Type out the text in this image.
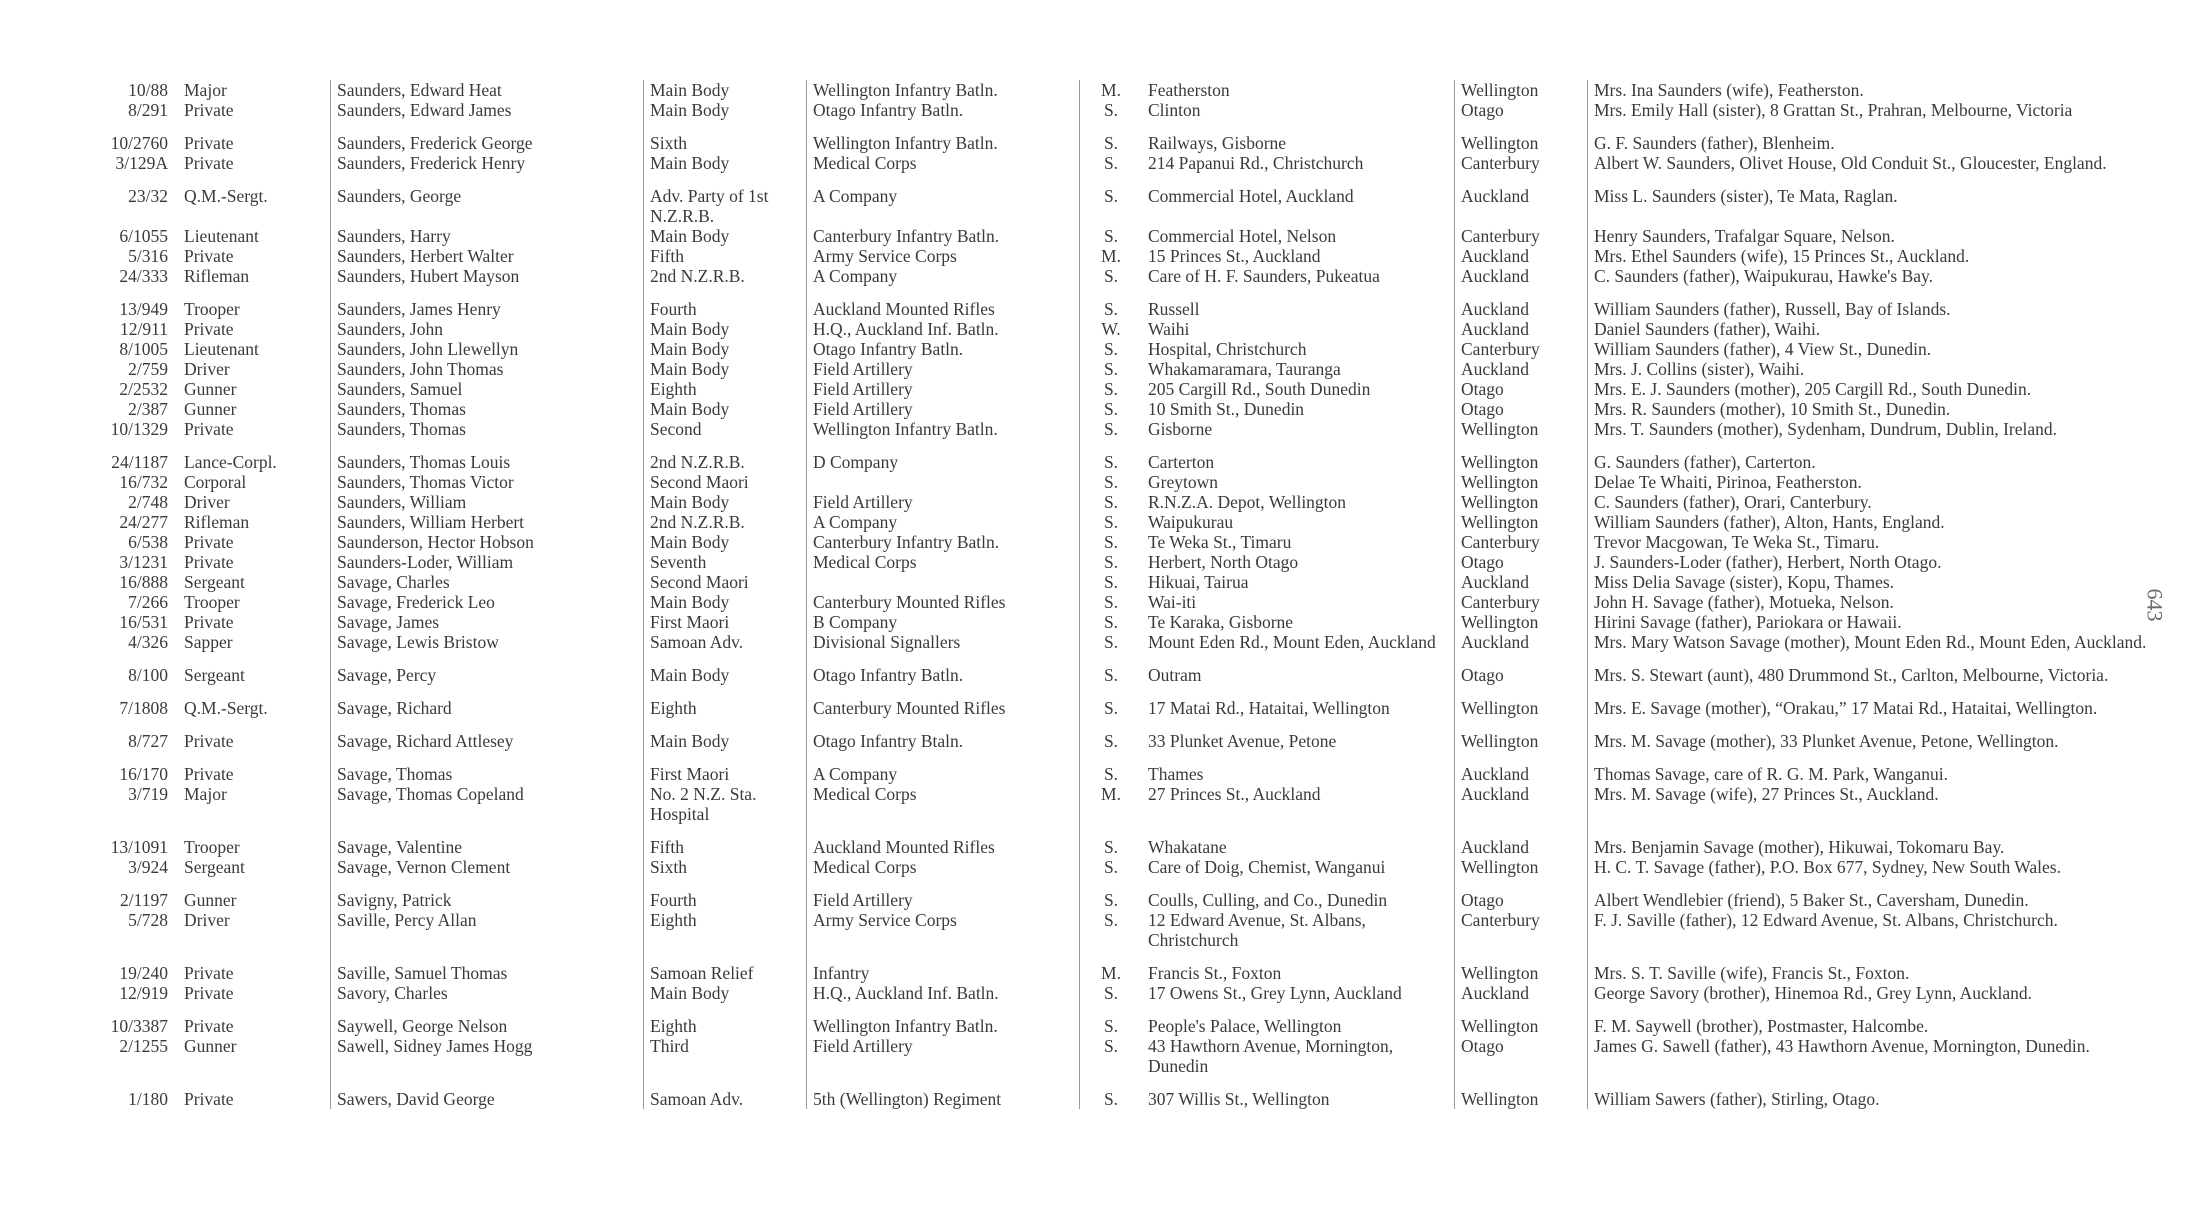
10/88	Major	Saunders, Edward Heat	Main Body	Wellington Infantry Batln.	M.	Featherston	Wellington	Mrs. Ina Saunders (wife), Featherston.
8/291	Private	Saunders, Edward James	Main Body	Otago Infantry Batln.	S.	Clinton	Otago	Mrs. Emily Hall (sister), 8 Grattan St., Prahran, Melbourne, Victoria
10/2760	Private	Saunders, Frederick George	Sixth	Wellington Infantry Batln.	S.	Railways, Gisborne	Wellington	G. F. Saunders (father), Blenheim.
3/129A	Private	Saunders, Frederick Henry	Main Body	Medical Corps	S.	214 Papanui Rd., Christchurch	Canterbury	Albert W. Saunders, Olivet House, Old Conduit St., Gloucester, England.
23/32	Q.M.-Sergt.	Saunders, George	Adv. Party of 1st N.Z.R.B.	A Company	S.	Commercial Hotel, Auckland	Auckland	Miss L. Saunders (sister), Te Mata, Raglan.
6/1055	Lieutenant	Saunders, Harry	Main Body	Canterbury Infantry Batln.	S.	Commercial Hotel, Nelson	Canterbury	Henry Saunders, Trafalgar Square, Nelson.
5/316	Private	Saunders, Herbert Walter	Fifth	Army Service Corps	M.	15 Princes St., Auckland	Auckland	Mrs. Ethel Saunders (wife), 15 Princes St., Auckland.
24/333	Rifleman	Saunders, Hubert Mayson	2nd N.Z.R.B.	A Company	S.	Care of H. F. Saunders, Pukeatua	Auckland	C. Saunders (father), Waipukurau, Hawke's Bay.
13/949	Trooper	Saunders, James Henry	Fourth	Auckland Mounted Rifles	S.	Russell	Auckland	William Saunders (father), Russell, Bay of Islands.
12/911	Private	Saunders, John	Main Body	H.Q., Auckland Inf. Batln.	W.	Waihi	Auckland	Daniel Saunders (father), Waihi.
8/1005	Lieutenant	Saunders, John Llewellyn	Main Body	Otago Infantry Batln.	S.	Hospital, Christchurch	Canterbury	William Saunders (father), 4 View St., Dunedin.
2/759	Driver	Saunders, John Thomas	Main Body	Field Artillery	S.	Whakamaramara, Tauranga	Auckland	Mrs. J. Collins (sister), Waihi.
2/2532	Gunner	Saunders, Samuel	Eighth	Field Artillery	S.	205 Cargill Rd., South Dunedin	Otago	Mrs. E. J. Saunders (mother), 205 Cargill Rd., South Dunedin.
2/387	Gunner	Saunders, Thomas	Main Body	Field Artillery	S.	10 Smith St., Dunedin	Otago	Mrs. R. Saunders (mother), 10 Smith St., Dunedin.
10/1329	Private	Saunders, Thomas	Second	Wellington Infantry Batln.	S.	Gisborne	Wellington	Mrs. T. Saunders (mother), Sydenham, Dundrum, Dublin, Ireland.
24/1187	Lance-Corpl.	Saunders, Thomas Louis	2nd N.Z.R.B.	D Company	S.	Carterton	Wellington	G. Saunders (father), Carterton.
16/732	Corporal	Saunders, Thomas Victor	Second Maori		S.	Greytown	Wellington	Delae Te Whaiti, Pirinoa, Featherston.
2/748	Driver	Saunders, William	Main Body	Field Artillery	S.	R.N.Z.A. Depot, Wellington	Wellington	C. Saunders (father), Orari, Canterbury.
24/277	Rifleman	Saunders, William Herbert	2nd N.Z.R.B.	A Company	S.	Waipukurau	Wellington	William Saunders (father), Alton, Hants, England.
6/538	Private	Saunderson, Hector Hobson	Main Body	Canterbury Infantry Batln.	S.	Te Weka St., Timaru	Canterbury	Trevor Macgowan, Te Weka St., Timaru.
3/1231	Private	Saunders-Loder, William	Seventh	Medical Corps	S.	Herbert, North Otago	Otago	J. Saunders-Loder (father), Herbert, North Otago.
16/888	Sergeant	Savage, Charles	Second Maori		S.	Hikuai, Tairua	Auckland	Miss Delia Savage (sister), Kopu, Thames.
7/266	Trooper	Savage, Frederick Leo	Main Body	Canterbury Mounted Rifles	S.	Wai-iti	Canterbury	John H. Savage (father), Motueka, Nelson.
16/531	Private	Savage, James	First Maori	B Company	S.	Te Karaka, Gisborne	Wellington	Hirini Savage (father), Pariokara or Hawaii.
4/326	Sapper	Savage, Lewis Bristow	Samoan Adv.	Divisional Signallers	S.	Mount Eden Rd., Mount Eden, Auckland	Auckland	Mrs. Mary Watson Savage (mother), Mount Eden Rd., Mount Eden, Auckland.
8/100	Sergeant	Savage, Percy	Main Body	Otago Infantry Batln.	S.	Outram	Otago	Mrs. S. Stewart (aunt), 480 Drummond St., Carlton, Melbourne, Victoria.
7/1808	Q.M.-Sergt.	Savage, Richard	Eighth	Canterbury Mounted Rifles	S.	17 Matai Rd., Hataitai, Wellington	Wellington	Mrs. E. Savage (mother), “Orakau,” 17 Matai Rd., Hataitai, Wellington.
8/727	Private	Savage, Richard Attlesey	Main Body	Otago Infantry Btaln.	S.	33 Plunket Avenue, Petone	Wellington	Mrs. M. Savage (mother), 33 Plunket Avenue, Petone, Wellington.
16/170	Private	Savage, Thomas	First Maori	A Company	S.	Thames	Auckland	Thomas Savage, care of R. G. M. Park, Wanganui.
3/719	Major	Savage, Thomas Copeland	No. 2 N.Z. Sta. Hospital	Medical Corps	M.	27 Princes St., Auckland	Auckland	Mrs. M. Savage (wife), 27 Princes St., Auckland.
13/1091	Trooper	Savage, Valentine	Fifth	Auckland Mounted Rifles	S.	Whakatane	Auckland	Mrs. Benjamin Savage (mother), Hikuwai, Tokomaru Bay.
3/924	Sergeant	Savage, Vernon Clement	Sixth	Medical Corps	S.	Care of Doig, Chemist, Wanganui	Wellington	H. C. T. Savage (father), P.O. Box 677, Sydney, New South Wales.
2/1197	Gunner	Savigny, Patrick	Fourth	Field Artillery	S.	Coulls, Culling, and Co., Dunedin	Otago	Albert Wendlebier (friend), 5 Baker St., Caversham, Dunedin.
5/728	Driver	Saville, Percy Allan	Eighth	Army Service Corps	S.	12 Edward Avenue, St. Albans, Christchurch	Canterbury	F. J. Saville (father), 12 Edward Avenue, St. Albans, Christchurch.
19/240	Private	Saville, Samuel Thomas	Samoan Relief	Infantry	M.	Francis St., Foxton	Wellington	Mrs. S. T. Saville (wife), Francis St., Foxton.
12/919	Private	Savory, Charles	Main Body	H.Q., Auckland Inf. Batln.	S.	17 Owens St., Grey Lynn, Auckland	Auckland	George Savory (brother), Hinemoa Rd., Grey Lynn, Auckland.
10/3387	Private	Saywell, George Nelson	Eighth	Wellington Infantry Batln.	S.	People's Palace, Wellington	Wellington	F. M. Saywell (brother), Postmaster, Halcombe.
2/1255	Gunner	Sawell, Sidney James Hogg	Third	Field Artillery	S.	43 Hawthorn Avenue, Mornington, Dunedin	Otago	James G. Sawell (father), 43 Hawthorn Avenue, Mornington, Dunedin.
1/180	Private	Sawers, David George	Samoan Adv.	5th (Wellington) Regiment	S.	307 Willis St., Wellington	Wellington	William Sawers (father), Stirling, Otago.
643
